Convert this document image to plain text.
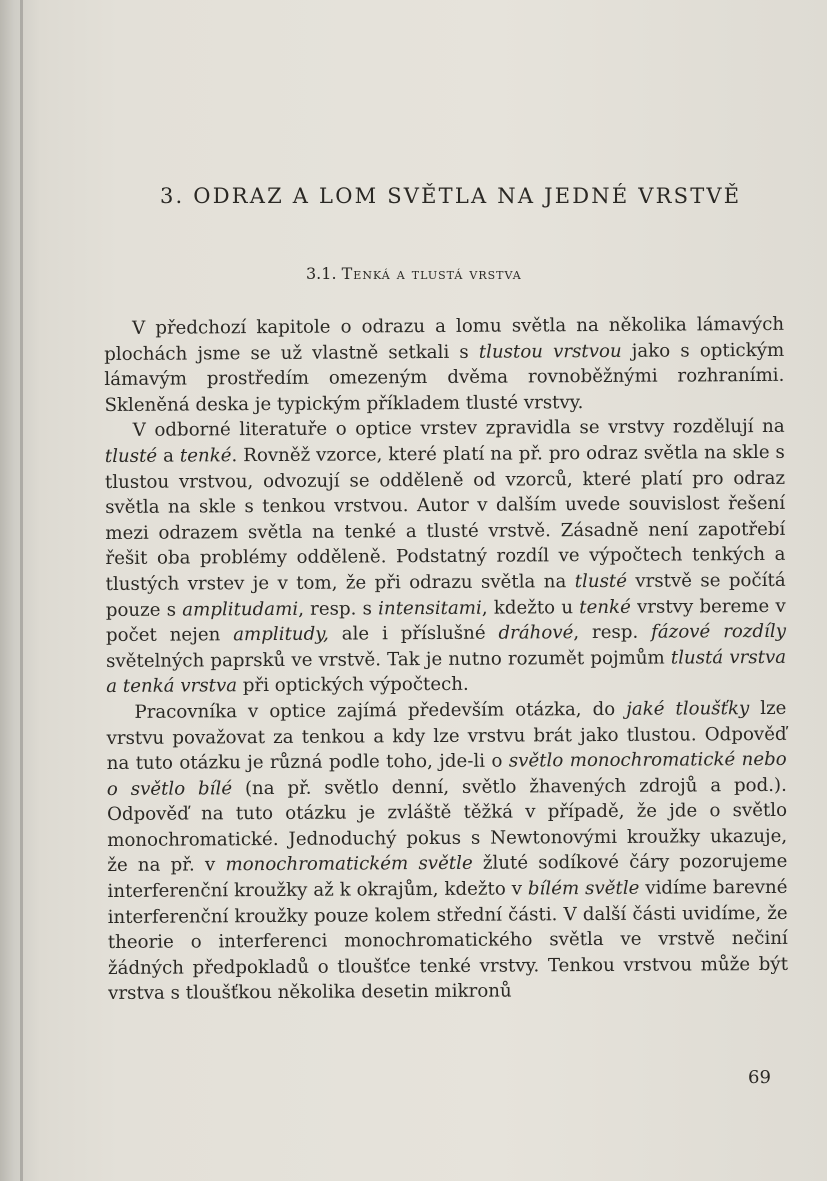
3. ODRAZ A LOM SVĚTLA NA JEDNÉ VRSTVĚ
3.1. Tenká a tlustá vrstva

V předchozí kapitole o odrazu a lomu světla na několika lámavých plochách jsme se už vlastně setkali s tlustou vrstvou jako s optickým lámavým prostředím omezeným dvěma rovnoběžnými rozhraními. Skleněná deska je typickým příkladem tlusté vrstvy.

V odborné literatuře o optice vrstev zpravidla se vrstvy rozdělují na tlusté a tenké. Rovněž vzorce, které platí na př. pro odraz světla na skle s tlustou vrstvou, odvozují se odděleně od vzorců, které platí pro odraz světla na skle s tenkou vrstvou. Autor v dalším uvede souvislost řešení mezi odrazem světla na tenké a tlusté vrstvě. Zásadně není zapotřebí řešit oba problémy odděleně. Podstatný rozdíl ve výpočtech tenkých a tlustých vrstev je v tom, že při odrazu světla na tlusté vrstvě se počítá pouze s amplitudami, resp. s intensitami, kdežto u tenké vrstvy bereme v počet nejen amplitudy, ale i příslušné dráhové, resp. fázové rozdíly světelných paprsků ve vrstvě. Tak je nutno rozumět pojmům tlustá vrstva a tenká vrstva při optických výpočtech.

Pracovníka v optice zajímá především otázka, do jaké tloušťky lze vrstvu považovat za tenkou a kdy lze vrstvu brát jako tlustou. Odpověď na tuto otázku je různá podle toho, jde-li o světlo monochromatické nebo o světlo bílé (na př. světlo denní, světlo žhavených zdrojů a pod.). Odpověď na tuto otázku je zvláště těžká v případě, že jde o světlo monochromatické. Jednoduchý pokus s Newtonovými kroužky ukazuje, že na př. v monochromatickém světle žluté sodíkové čáry pozorujeme interferenční kroužky až k okrajům, kdežto v bílém světle vidíme barevné interferenční kroužky pouze kolem střední části. V další části uvidíme, že theorie o interferenci monochromatického světla ve vrstvě nečiní žádných předpokladů o tloušťce tenké vrstvy. Tenkou vrstvou může být vrstva s tloušťkou několika desetin mikronů

69
